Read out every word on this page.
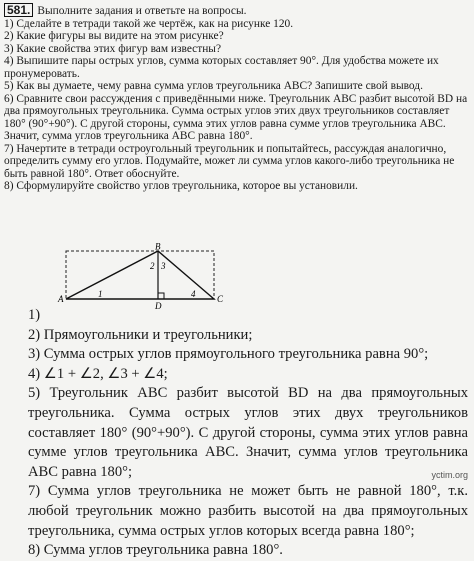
581. Выполните задания и ответьте на вопросы.

1) Сделайте в тетради такой же чертёж, как на рисунке 120.

2) Какие фигуры вы видите на этом рисунке?

3) Какие свойства этих фигур вам известны?

4) Выпишите пары острых углов, сумма которых составляет 90°. Для удобства можете их пронумеровать.

5) Как вы думаете, чему равна сумма углов треугольника ABC? Запишите свой вывод.

6) Сравните свои рассуждения с приведёнными ниже. Треугольник ABC разбит высотой BD на два прямоугольных треугольника. Сумма острых углов этих двух треугольников составляет 180° (90°+90°). С другой стороны, сумма этих углов равна сумме углов треугольника ABC. Значит, сумма углов треугольника ABC равна 180°.

7) Начертите в тетради остроугольный треугольник и попытайтесь, рассуждая аналогично, определить сумму его углов. Подумайте, может ли сумма углов какого-либо треугольника не быть равной 180°. Ответ обоснуйте.

8) Сформулируйте свойство углов треугольника, которое вы установили.

A
B
C
D
1
2 3
4

1)

2) Прямоугольники и треугольники;

3) Сумма острых углов прямоугольного треугольника равна 90°;

4) ∠1 + ∠2, ∠3 + ∠4;

5) Треугольник ABC разбит высотой BD на два прямоугольных треугольника. Сумма острых углов этих двух треугольников составляет 180° (90°+90°). С другой стороны, сумма этих углов равна сумме углов треугольника ABC. Значит, сумма углов треугольника ABC равна 180°;

7) Сумма углов треугольника не может быть не равной 180°, т.к. любой треугольник можно разбить высотой на два прямоугольных треугольника, сумма острых углов которых всегда равна 180°;

8) Сумма углов треугольника равна 180°.

yctim.org
